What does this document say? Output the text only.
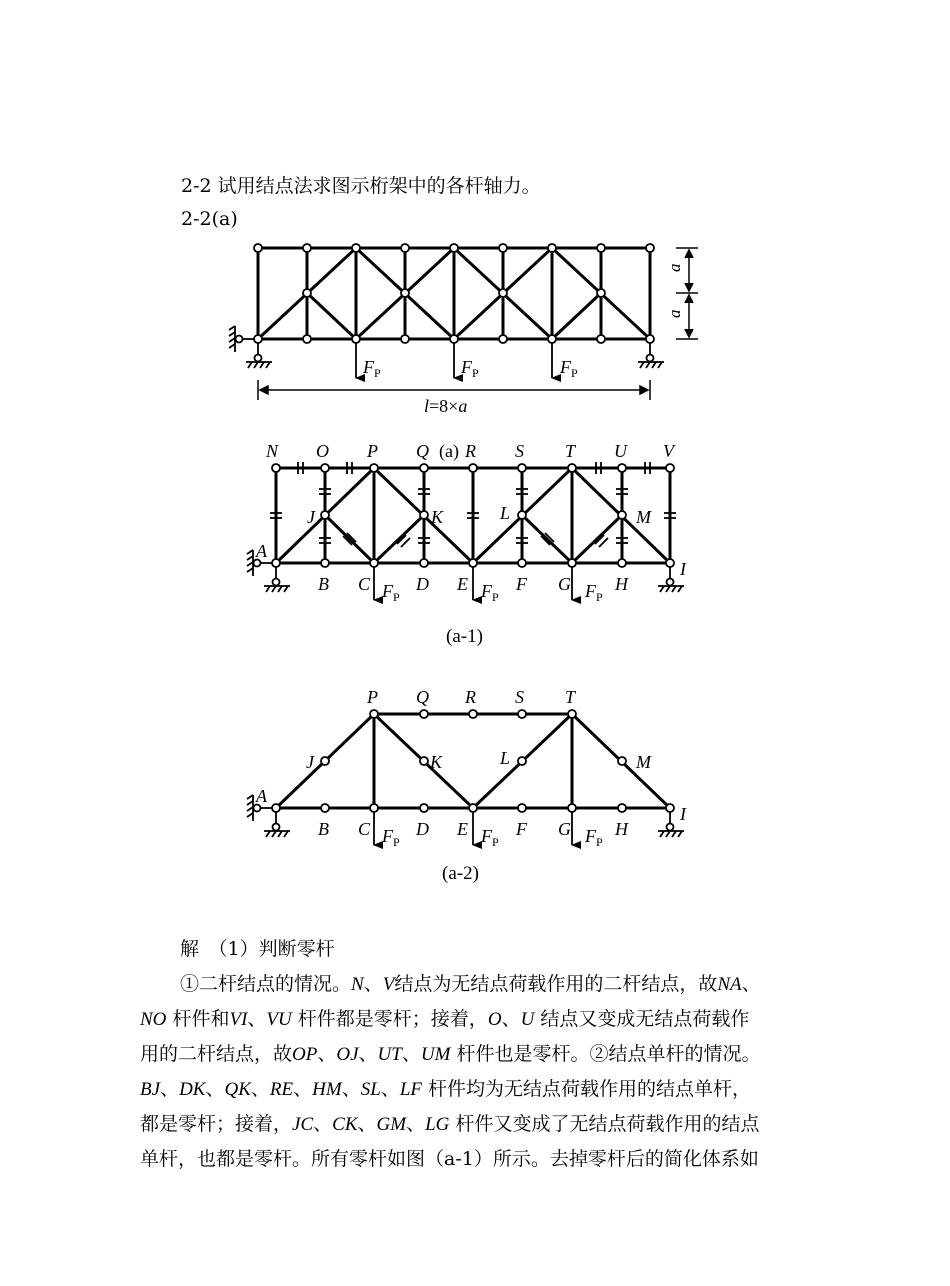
2-2 试用结点法求图示桁架中的各杆轴力。
2-2(a)
$F_P$	$F_P$	$F_P$
a
a
l=8×a
$F_P$	$F_P$	$F_P$
N O P Q R S T U V
J	K	L	M
A
I
B C	D E	F G H
(a)
(a-1)
$F_P$	$F_P$	$F_P$
P Q R S T
J	K	L	M
A
I
B C	D E	F G H
(a-2)
解　（1）判断零杆
①二杆结点的情况。N、V结点为无结点荷载作用的二杆结点，故NA、
NO 杆件和VI、VU 杆件都是零杆；接着，O、U 结点又变成无结点荷载作
用的二杆结点，故OP、OJ、UT、UM 杆件也是零杆。②结点单杆的情况。
BJ、DK、QK、RE、HM、SL、LF 杆件均为无结点荷载作用的结点单杆，
都是零杆；接着，JC、CK、GM、LG 杆件又变成了无结点荷载作用的结点
单杆，也都是零杆。所有零杆如图（a-1）所示。去掉零杆后的简化体系如
